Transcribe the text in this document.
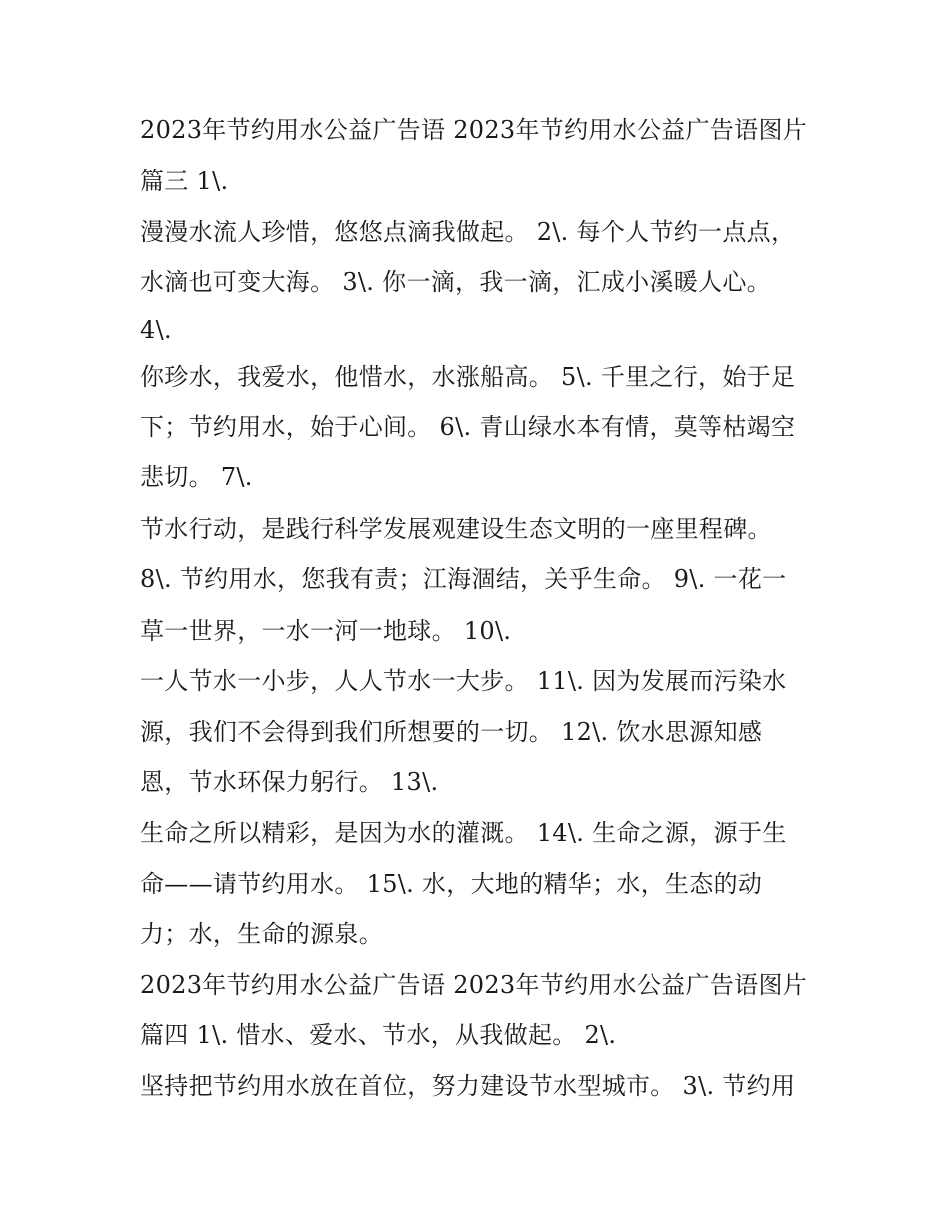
2023年节约用水公益广告语 2023年节约用水公益广告语图片
篇三 1\.
漫漫水流人珍惜，悠悠点滴我做起。 2\. 每个人节约一点点，
水滴也可变大海。 3\. 你一滴，我一滴，汇成小溪暖人心。
4\.
你珍水，我爱水，他惜水，水涨船高。 5\. 千里之行，始于足
下；节约用水，始于心间。 6\. 青山绿水本有情，莫等枯竭空
悲切。 7\.
节水行动，是践行科学发展观建设生态文明的一座里程碑。
8\. 节约用水，您我有责；江海涸结，关乎生命。 9\. 一花一
草一世界，一水一河一地球。 10\.
一人节水一小步，人人节水一大步。 11\. 因为发展而污染水
源，我们不会得到我们所想要的一切。 12\. 饮水思源知感
恩，节水环保力躬行。 13\.
生命之所以精彩，是因为水的灌溉。 14\. 生命之源，源于生
命——请节约用水。 15\. 水，大地的精华；水，生态的动
力；水，生命的源泉。
2023年节约用水公益广告语 2023年节约用水公益广告语图片
篇四 1\. 惜水、爱水、节水，从我做起。 2\.
坚持把节约用水放在首位，努力建设节水型城市。 3\. 节约用
